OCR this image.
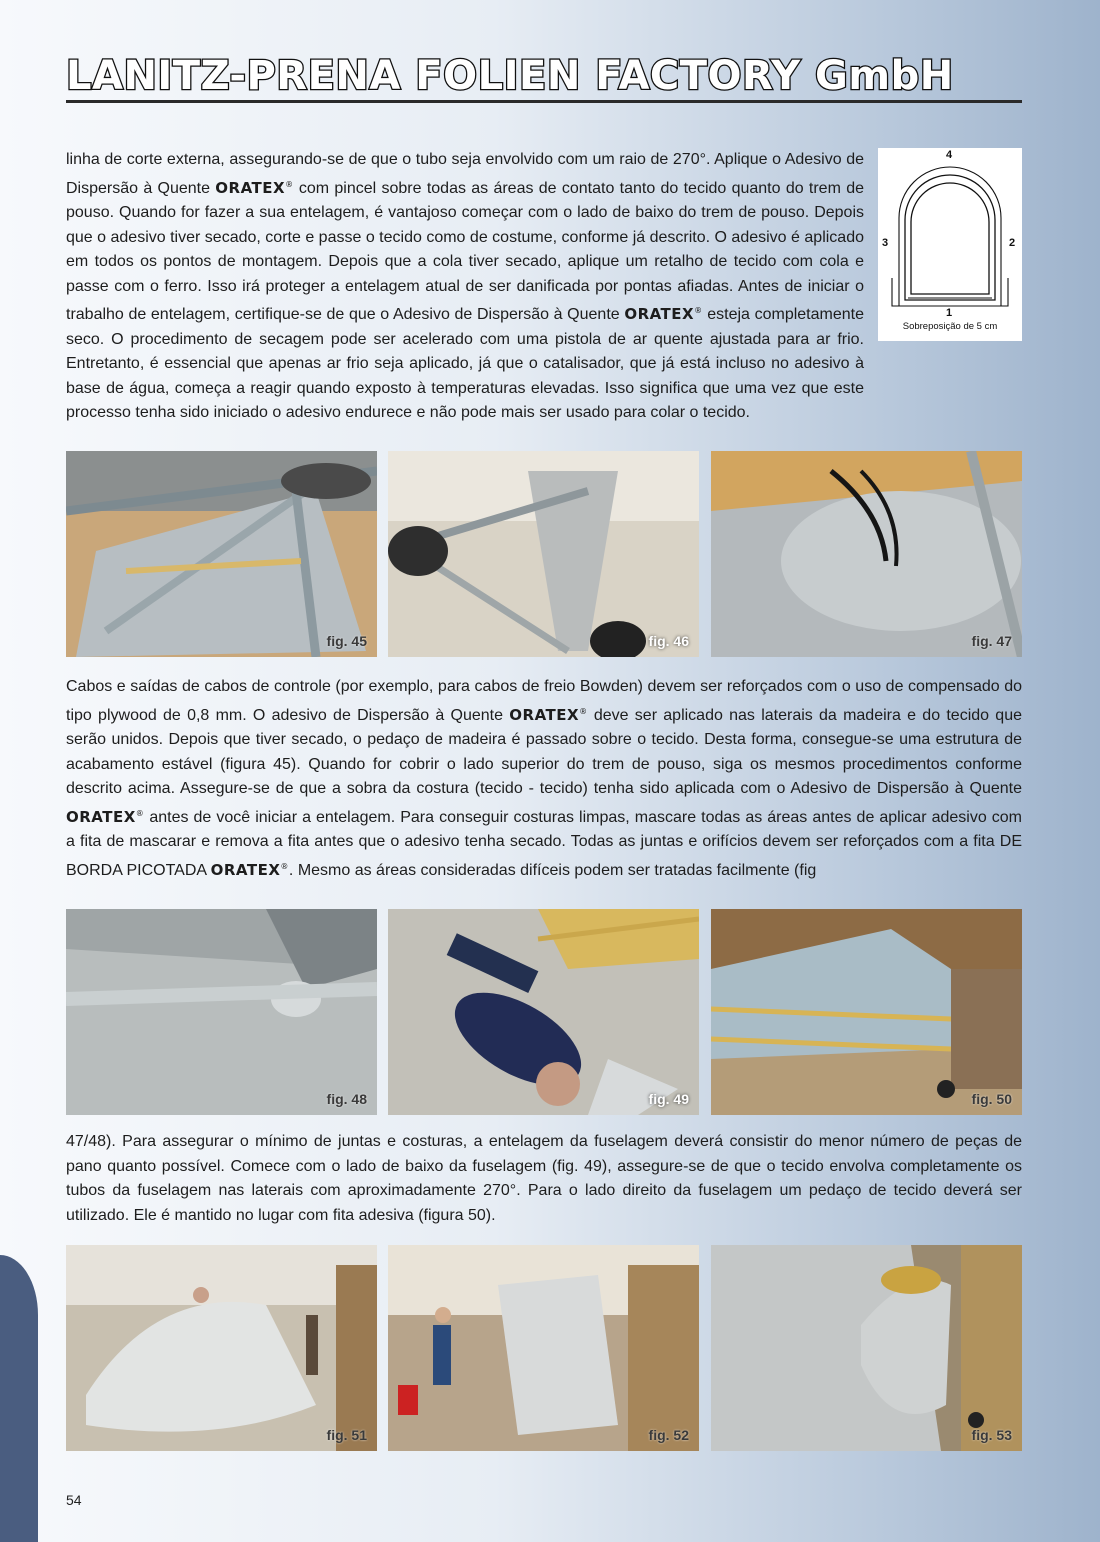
LANITZ-PRENA FOLIEN FACTORY GmbH
linha de corte externa, assegurando-se de que o tubo seja envolvido com um raio de 270°. Aplique o Adesivo de Dispersão à Quente ORATEX® com pincel sobre todas as áreas de contato tanto do tecido quanto do trem de pouso. Quando for fazer a sua entelagem, é vantajoso começar com o lado de baixo do trem de pouso. Depois que o adesivo tiver secado, corte e passe o tecido como de costume, conforme já descrito. O adesivo é aplicado em todos os pontos de montagem. Depois que a cola tiver secado, aplique um retalho de tecido com cola e passe com o ferro. Isso irá proteger a entelagem atual de ser danificada por pontas afiadas. Antes de iniciar o trabalho de entelagem, certifique-se de que o Adesivo de Dispersão à Quente ORATEX® esteja completamente seco. O procedimento de secagem pode ser acelerado com uma pistola de ar quente ajustada para ar frio. Entretanto, é essencial que apenas ar frio seja aplicado, já que o catalisador, que já está incluso no adesivo à base de água, começa a reagir quando exposto à temperaturas elevadas. Isso significa que uma vez que este processo tenha sido iniciado o adesivo endurece e não pode mais ser usado para colar o tecido.
4
3	2
1
Sobreposição de 5 cm
fig. 45	fig. 46	fig. 47
Cabos e saídas de cabos de controle (por exemplo, para cabos de freio Bowden) devem ser reforçados com o uso de compensado do tipo plywood de 0,8 mm. O adesivo de Dispersão à Quente ORATEX® deve ser aplicado nas laterais da madeira e do tecido que serão unidos. Depois que tiver secado, o pedaço de madeira é passado sobre o tecido. Desta forma, consegue-se uma estrutura de acabamento estável (figura 45). Quando for cobrir o lado superior do trem de pouso, siga os mesmos procedimentos conforme descrito acima. Assegure-se de que a sobra da costura (tecido - tecido) tenha sido aplicada com o Adesivo de Dispersão à Quente ORATEX® antes de você iniciar a entelagem. Para conseguir costuras limpas, mascare todas as áreas antes de aplicar adesivo com a fita de mascarar e remova a fita antes que o adesivo tenha secado. Todas as juntas e orifícios devem ser reforçados com a fita DE BORDA PICOTADA ORATEX®. Mesmo as áreas consideradas difíceis podem ser tratadas facilmente (fig
fig. 48	fig. 49	fig. 50
47/48). Para assegurar o mínimo de juntas e costuras, a entelagem da fuselagem deverá consistir do menor número de peças de pano quanto possível. Comece com o lado de baixo da fuselagem (fig. 49), assegure-se de que o tecido envolva completamente os tubos da fuselagem nas laterais com aproximadamente 270°. Para o lado direito da fuselagem um pedaço de tecido deverá ser utilizado. Ele é mantido no lugar com fita adesiva (figura 50).
fig. 51	fig. 52	fig. 53
54
